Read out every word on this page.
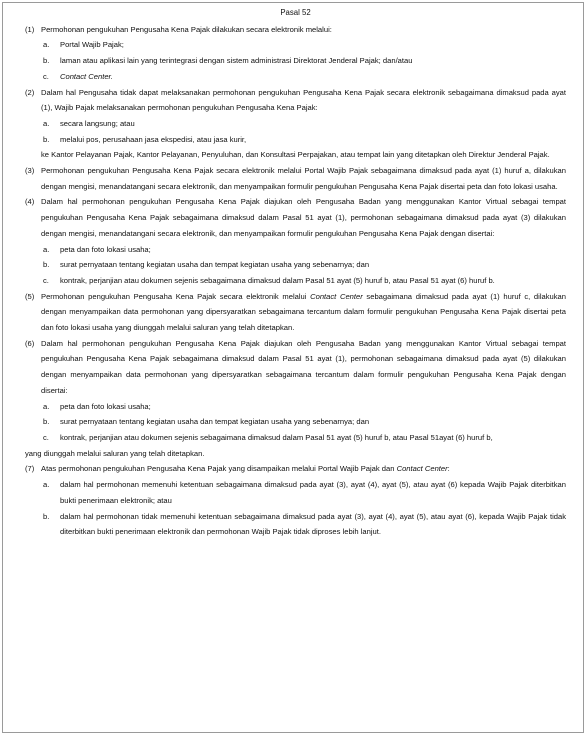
Pasal 52
(1) Permohonan pengukuhan Pengusaha Kena Pajak dilakukan secara elektronik melalui:
a.	Portal Wajib Pajak;
b.	laman atau aplikasi lain yang terintegrasi dengan sistem administrasi Direktorat Jenderal Pajak; dan/atau
c.	Contact Center.
(2) Dalam hal Pengusaha tidak dapat melaksanakan permohonan pengukuhan Pengusaha Kena Pajak secara elektronik sebagaimana dimaksud pada ayat (1), Wajib Pajak melaksanakan permohonan pengukuhan Pengusaha Kena Pajak:
a.	secara langsung; atau
b.	melalui pos, perusahaan jasa ekspedisi, atau jasa kurir,
ke Kantor Pelayanan Pajak, Kantor Pelayanan, Penyuluhan, dan Konsultasi Perpajakan, atau tempat lain yang ditetapkan oleh Direktur Jenderal Pajak.
(3) Permohonan pengukuhan Pengusaha Kena Pajak secara elektronik melalui Portal Wajib Pajak sebagaimana dimaksud pada ayat (1) huruf a, dilakukan dengan mengisi, menandatangani secara elektronik, dan menyampaikan formulir pengukuhan Pengusaha Kena Pajak disertai peta dan foto lokasi usaha.
(4) Dalam hal permohonan pengukuhan Pengusaha Kena Pajak diajukan oleh Pengusaha Badan yang menggunakan Kantor Virtual sebagai tempat pengukuhan Pengusaha Kena Pajak sebagaimana dimaksud dalam Pasal 51 ayat (1), permohonan sebagaimana dimaksud pada ayat (3) dilakukan dengan mengisi, menandatangani secara elektronik, dan menyampaikan formulir pengukuhan Pengusaha Kena Pajak dengan disertai:
a.	peta dan foto lokasi usaha;
b.	surat pernyataan tentang kegiatan usaha dan tempat kegiatan usaha yang sebenarnya; dan
c.	kontrak, perjanjian atau dokumen sejenis sebagaimana dimaksud dalam Pasal 51 ayat (5) huruf b, atau Pasal 51 ayat (6) huruf b.
(5) Permohonan pengukuhan Pengusaha Kena Pajak secara elektronik melalui Contact Center sebagaimana dimaksud pada ayat (1) huruf c, dilakukan dengan menyampaikan data permohonan yang dipersyaratkan sebagaimana tercantum dalam formulir pengukuhan Pengusaha Kena Pajak disertai peta dan foto lokasi usaha yang diunggah melalui saluran yang telah ditetapkan.
(6) Dalam hal permohonan pengukuhan Pengusaha Kena Pajak diajukan oleh Pengusaha Badan yang menggunakan Kantor Virtual sebagai tempat pengukuhan Pengusaha Kena Pajak sebagaimana dimaksud dalam Pasal 51 ayat (1), permohonan sebagaimana dimaksud pada ayat (5) dilakukan dengan menyampaikan data permohonan yang dipersyaratkan sebagaimana tercantum dalam formulir pengukuhan Pengusaha Kena Pajak dengan disertai:
a.	peta dan foto lokasi usaha;
b.	surat pernyataan tentang kegiatan usaha dan tempat kegiatan usaha yang sebenarnya; dan
c.	kontrak, perjanjian atau dokumen sejenis sebagaimana dimaksud dalam Pasal 51 ayat (5) huruf b, atau Pasal 51ayat (6) huruf b,
yang diunggah melalui saluran yang telah ditetapkan.
(7) Atas permohonan pengukuhan Pengusaha Kena Pajak yang disampaikan melalui Portal Wajib Pajak dan Contact Center:
a.	dalam hal permohonan memenuhi ketentuan sebagaimana dimaksud pada ayat (3), ayat (4), ayat (5), atau ayat (6) kepada Wajib Pajak diterbitkan bukti penerimaan elektronik; atau
b.	dalam hal permohonan tidak memenuhi ketentuan sebagaimana dimaksud pada ayat (3), ayat (4), ayat (5), atau ayat (6), kepada Wajib Pajak tidak diterbitkan bukti penerimaan elektronik dan permohonan Wajib Pajak tidak diproses lebih lanjut.
